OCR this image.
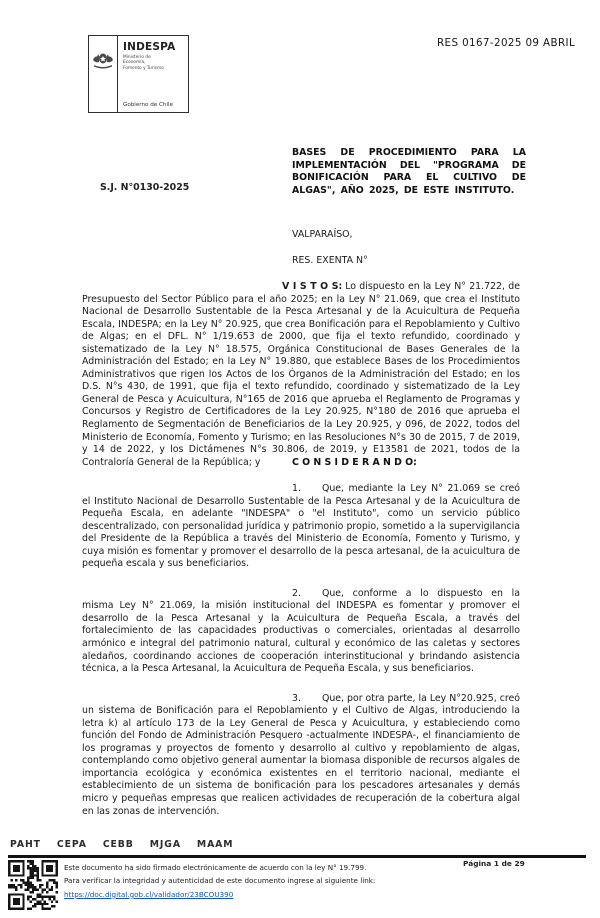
INDESPA
Ministerio de Economía, Fomento y Turismo
Gobierno de Chile
RES 0167-2025 09 ABRIL
S.J. N°0130-2025
BASES DE PROCEDIMIENTO PARA LA IMPLEMENTACIÓN DEL "PROGRAMA DE BONIFICACIÓN PARA EL CULTIVO DE ALGAS", AÑO 2025, DE ESTE INSTITUTO.
VALPARAÍSO,
RES. EXENTA N°
V I S T O S: Lo dispuesto en la Ley N° 21.722, de Presupuesto del Sector Público para el año 2025; en la Ley N° 21.069, que crea el Instituto Nacional de Desarrollo Sustentable de la Pesca Artesanal y de la Acuicultura de Pequeña Escala, INDESPA; en la Ley N° 20.925, que crea Bonificación para el Repoblamiento y Cultivo de Algas; en el DFL. N° 1/19.653 de 2000, que fija el texto refundido, coordinado y sistematizado de la Ley N° 18.575, Orgánica Constitucional de Bases Generales de la Administración del Estado; en la Ley N° 19.880, que establece Bases de los Procedimientos Administrativos que rigen los Actos de los Órganos de la Administración del Estado; en los D.S. N°s 430, de 1991, que fija el texto refundido, coordinado y sistematizado de la Ley General de Pesca y Acuicultura, N°165 de 2016 que aprueba el Reglamento de Programas y Concursos y Registro de Certificadores de la Ley 20.925, N°180 de 2016 que aprueba el Reglamento de Segmentación de Beneficiarios de la Ley 20.925, y 096, de 2022, todos del Ministerio de Economía, Fomento y Turismo; en las Resoluciones N°s 30 de 2015, 7 de 2019, y 14 de 2022, y los Dictámenes N°s 30.806, de 2019, y E13581 de 2021, todos de la Contraloría General de la República; y	C O N S I D E R A N D O:

1. Que, mediante la Ley N° 21.069 se creó el Instituto Nacional de Desarrollo Sustentable de la Pesca Artesanal y de la Acuicultura de Pequeña Escala, en adelante "INDESPA" o "el Instituto", como un servicio público descentralizado, con personalidad jurídica y patrimonio propio, sometido a la supervigilancia del Presidente de la República a través del Ministerio de Economía, Fomento y Turismo, y cuya misión es fomentar y promover el desarrollo de la pesca artesanal, de la acuicultura de pequeña escala y sus beneficiarios.

2. Que, conforme a lo dispuesto en la misma Ley N° 21.069, la misión institucional del INDESPA es fomentar y promover el desarrollo de la Pesca Artesanal y la Acuicultura de Pequeña Escala, a través del fortalecimiento de las capacidades productivas o comerciales, orientadas al desarrollo armónico e integral del patrimonio natural, cultural y económico de las caletas y sectores aledaños, coordinando acciones de cooperación interinstitucional y brindando asistencia técnica, a la Pesca Artesanal, la Acuicultura de Pequeña Escala, y sus beneficiarios.

3. Que, por otra parte, la Ley N°20.925, creó un sistema de Bonificación para el Repoblamiento y el Cultivo de Algas, introduciendo la letra k) al artículo 173 de la Ley General de Pesca y Acuicultura, y estableciendo como función del Fondo de Administración Pesquero -actualmente INDESPA-, el financiamiento de los programas y proyectos de fomento y desarrollo al cultivo y repoblamiento de algas, contemplando como objetivo general aumentar la biomasa disponible de recursos algales de importancia ecológica y económica existentes en el territorio nacional, mediante el establecimiento de un sistema de bonificación para los pescadores artesanales y demás micro y pequeñas empresas que realicen actividades de recuperación de la cobertura algal en las zonas de intervención.

PAHT CEPA CEBB MJGA MAAM
Este documento ha sido firmado electrónicamente de acuerdo con la ley N° 19.799.
Para verificar la integridad y autenticidad de este documento ingrese al siguiente link:
https://doc.digital.gob.cl/validador/23BCOU390
Página 1 de 29
